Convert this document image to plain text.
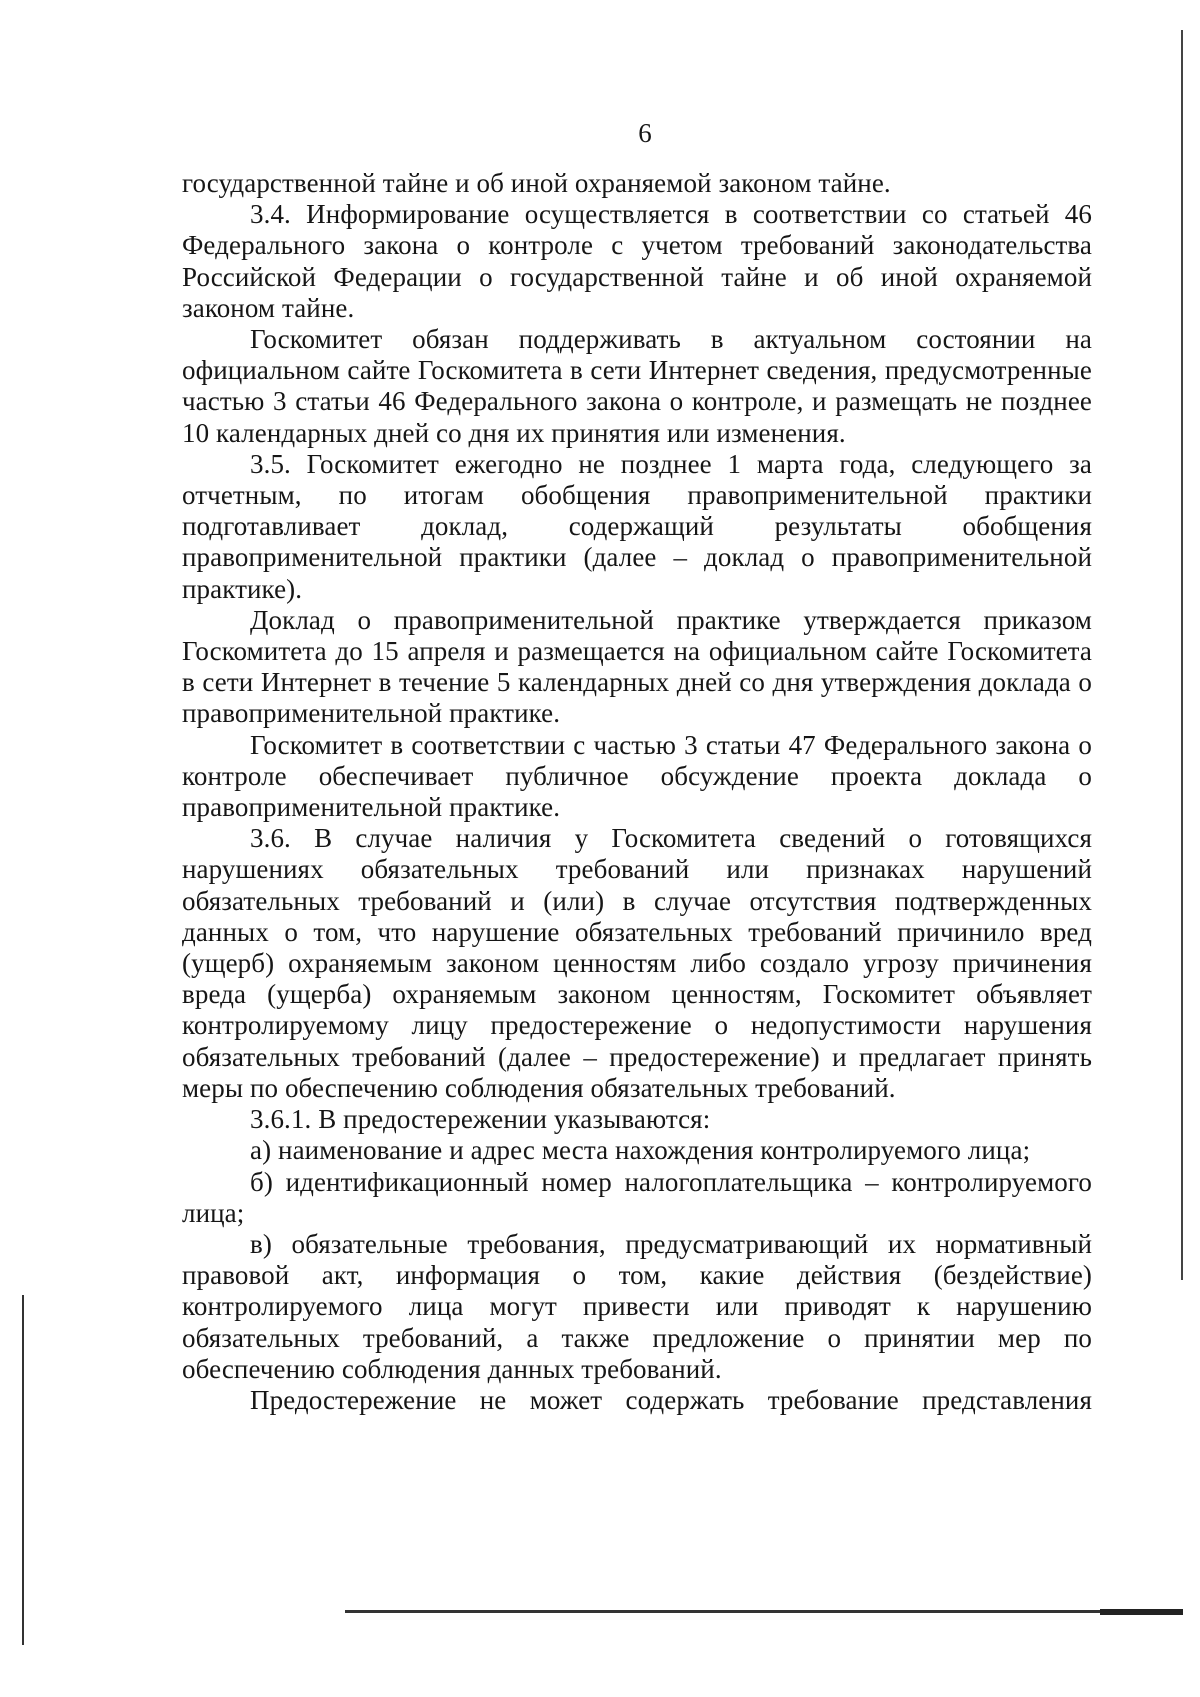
6

государственной тайне и об иной охраняемой законом тайне.

3.4. Информирование осуществляется в соответствии со статьей 46 Федерального закона о контроле с учетом требований законодательства Российской Федерации о государственной тайне и об иной охраняемой законом тайне.

Госкомитет обязан поддерживать в актуальном состоянии на официальном сайте Госкомитета в сети Интернет сведения, предусмотренные частью 3 статьи 46 Федерального закона о контроле, и размещать не позднее 10 календарных дней со дня их принятия или изменения.

3.5. Госкомитет ежегодно не позднее 1 марта года, следующего за отчетным, по итогам обобщения правоприменительной практики подготавливает доклад, содержащий результаты обобщения правоприменительной практики (далее – доклад о правоприменительной практике).

Доклад о правоприменительной практике утверждается приказом Госкомитета до 15 апреля и размещается на официальном сайте Госкомитета в сети Интернет в течение 5 календарных дней со дня утверждения доклада о правоприменительной практике.

Госкомитет в соответствии с частью 3 статьи 47 Федерального закона о контроле обеспечивает публичное обсуждение проекта доклада о правоприменительной практике.

3.6. В случае наличия у Госкомитета сведений о готовящихся нарушениях обязательных требований или признаках нарушений обязательных требований и (или) в случае отсутствия подтвержденных данных о том, что нарушение обязательных требований причинило вред (ущерб) охраняемым законом ценностям либо создало угрозу причинения вреда (ущерба) охраняемым законом ценностям, Госкомитет объявляет контролируемому лицу предостережение о недопустимости нарушения обязательных требований (далее – предостережение) и предлагает принять меры по обеспечению соблюдения обязательных требований.

3.6.1. В предостережении указываются:

а) наименование и адрес места нахождения контролируемого лица;

б) идентификационный номер налогоплательщика – контролируемого лица;

в) обязательные требования, предусматривающий их нормативный правовой акт, информация о том, какие действия (бездействие) контролируемого лица могут привести или приводят к нарушению обязательных требований, а также предложение о принятии мер по обеспечению соблюдения данных требований.

Предостережение не может содержать требование представления
